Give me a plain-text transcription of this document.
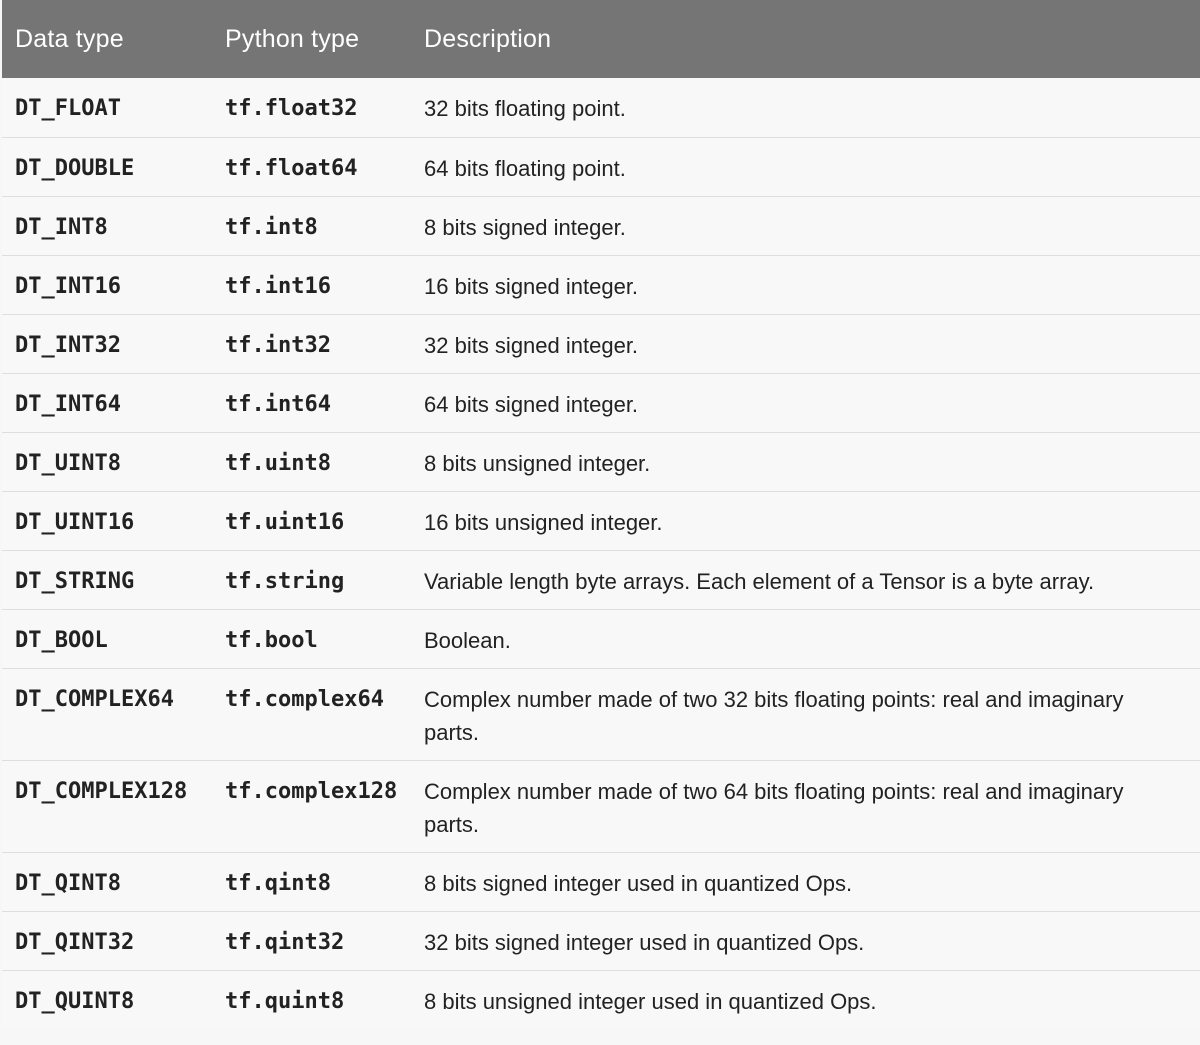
Data type	Python type	Description
DT_FLOAT	tf.float32	32 bits floating point.
DT_DOUBLE	tf.float64	64 bits floating point.
DT_INT8	tf.int8	8 bits signed integer.
DT_INT16	tf.int16	16 bits signed integer.
DT_INT32	tf.int32	32 bits signed integer.
DT_INT64	tf.int64	64 bits signed integer.
DT_UINT8	tf.uint8	8 bits unsigned integer.
DT_UINT16	tf.uint16	16 bits unsigned integer.
DT_STRING	tf.string	Variable length byte arrays. Each element of a Tensor is a byte array.
DT_BOOL	tf.bool	Boolean.
DT_COMPLEX64	tf.complex64	Complex number made of two 32 bits floating points: real and imaginary parts.
DT_COMPLEX128	tf.complex128	Complex number made of two 64 bits floating points: real and imaginary parts.
DT_QINT8	tf.qint8	8 bits signed integer used in quantized Ops.
DT_QINT32	tf.qint32	32 bits signed integer used in quantized Ops.
DT_QUINT8	tf.quint8	8 bits unsigned integer used in quantized Ops.
